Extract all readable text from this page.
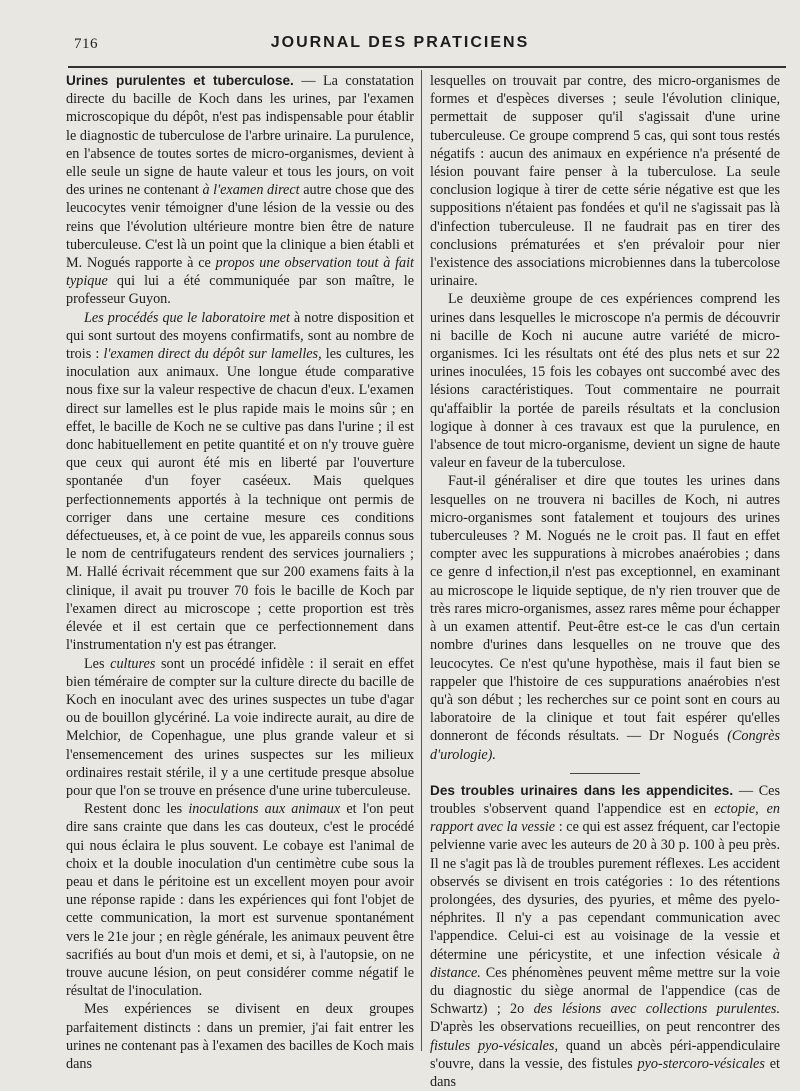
716	JOURNAL DES PRATICIENS

Urines purulentes et tuberculose. — La constatation directe du bacille de Koch dans les urines, par l'examen microscopique du dépôt, n'est pas indispensable pour établir le diagnostic de tuberculose de l'arbre urinaire. La purulence, en l'absence de toutes sortes de micro-organismes, devient à elle seule un signe de haute valeur et tous les jours, on voit des urines ne contenant à l'examen direct autre chose que des leucocytes venir témoigner d'une lésion de la vessie ou des reins que l'évolution ultérieure montre bien être de nature tuberculeuse. C'est là un point que la clinique a bien établi et M. Nogués rapporte à ce propos une observation tout à fait typique qui lui a été communiquée par son maître, le professeur Guyon.

Les procédés que le laboratoire met à notre disposition et qui sont surtout des moyens confirmatifs, sont au nombre de trois : l'examen direct du dépôt sur lamelles, les cultures, les inoculation aux animaux. Une longue étude comparative nous fixe sur la valeur respective de chacun d'eux. L'examen direct sur lamelles est le plus rapide mais le moins sûr ; en effet, le bacille de Koch ne se cultive pas dans l'urine ; il est donc habituellement en petite quantité et on n'y trouve guère que ceux qui auront été mis en liberté par l'ouverture spontanée d'un foyer caséeux. Mais quelques perfectionnements apportés à la technique ont permis de corriger dans une certaine mesure ces conditions défectueuses, et, à ce point de vue, les appareils connus sous le nom de centrifugateurs rendent des services journaliers ; M. Hallé écrivait récemment que sur 200 examens faits à la clinique, il avait pu trouver 70 fois le bacille de Koch par l'examen direct au microscope ; cette proportion est très élevée et il est certain que ce perfectionnement dans l'instrumentation n'y est pas étranger.

Les cultures sont un procédé infidèle : il serait en effet bien téméraire de compter sur la culture directe du bacille de Koch en inoculant avec des urines suspectes un tube d'agar ou de bouillon glycériné. La voie indirecte aurait, au dire de Melchior, de Copenhague, une plus grande valeur et si l'ensemencement des urines suspectes sur les milieux ordinaires restait stérile, il y a une certitude presque absolue pour que l'on se trouve en présence d'une urine tuberculeuse.

Restent donc les inoculations aux animaux et l'on peut dire sans crainte que dans les cas douteux, c'est le procédé qui nous éclaira le plus souvent. Le cobaye est l'animal de choix et la double inoculation d'un centimètre cube sous la peau et dans le péritoine est un excellent moyen pour avoir une réponse rapide : dans les expériences qui font l'objet de cette communication, la mort est survenue spontanément vers le 21e jour ; en règle générale, les animaux peuvent être sacrifiés au bout d'un mois et demi, et si, à l'autopsie, on ne trouve aucune lésion, on peut considérer comme négatif le résultat de l'inoculation.

Mes expériences se divisent en deux groupes parfaitement distincts : dans un premier, j'ai fait entrer les urines ne contenant pas à l'examen des bacilles de Koch mais dans

lesquelles on trouvait par contre, des micro-organismes de formes et d'espèces diverses ; seule l'évolution clinique, permettait de supposer qu'il s'agissait d'une urine tuberculeuse. Ce groupe comprend 5 cas, qui sont tous restés négatifs : aucun des animaux en expérience n'a présenté de lésion pouvant faire penser à la tuberculose. La seule conclusion logique à tirer de cette série négative est que les suppositions n'étaient pas fondées et qu'il ne s'agissait pas là d'infection tuberculeuse. Il ne faudrait pas en tirer des conclusions prématurées et s'en prévaloir pour nier l'existence des associations microbiennes dans la tubercolose urinaire.

Le deuxième groupe de ces expériences comprend les urines dans lesquelles le microscope n'a permis de découvrir ni bacille de Koch ni aucune autre variété de micro-organismes. Ici les résultats ont été des plus nets et sur 22 urines inoculées, 15 fois les cobayes ont succombé avec des lésions caractéristiques. Tout commentaire ne pourrait qu'affaiblir la portée de pareils résultats et la conclusion logique à donner à ces travaux est que la purulence, en l'absence de tout micro-organisme, devient un signe de haute valeur en faveur de la tuberculose.

Faut-il généraliser et dire que toutes les urines dans lesquelles on ne trouvera ni bacilles de Koch, ni autres micro-organismes sont fatalement et toujours des urines tuberculeuses ? M. Nogués ne le croit pas. Il faut en effet compter avec les suppurations à microbes anaérobies ; dans ce genre d infection,il n'est pas exceptionnel, en examinant au microscope le liquide septique, de n'y rien trouver que de très rares micro-organismes, assez rares même pour échapper à un examen attentif. Peut-être est-ce le cas d'un certain nombre d'urines dans lesquelles on ne trouve que des leucocytes. Ce n'est qu'une hypothèse, mais il faut bien se rappeler que l'histoire de ces suppurations anaérobies n'est qu'à son début ; les recherches sur ce point sont en cours au laboratoire de la clinique et tout fait espérer qu'elles donneront de féconds résultats. — Dr Nogués (Congrès d'urologie).

Des troubles urinaires dans les appendicites. — Ces troubles s'observent quand l'appendice est en ectopie, en rapport avec la vessie : ce qui est assez fréquent, car l'ectopie pelvienne varie avec les auteurs de 20 à 30 p. 100 à peu près. Il ne s'agit pas là de troubles purement réflexes. Les accident observés se divisent en trois catégories : 1o des rétentions prolongées, des dysuries, des pyuries, et même des pyelo-néphrites. Il n'y a pas cependant communication avec l'appendice. Celui-ci est au voisinage de la vessie et détermine une péricystite, et une infection vésicale à distance. Ces phénomènes peuvent même mettre sur la voie du diagnostic du siège anormal de l'appendice (cas de Schwartz) ; 2o des lésions avec collections purulentes. D'après les observations recueillies, on peut rencontrer des fistules pyo-vésicales, quand un abcès péri-appendiculaire s'ouvre, dans la vessie, des fistules pyo-stercoro-vésicales et dans
